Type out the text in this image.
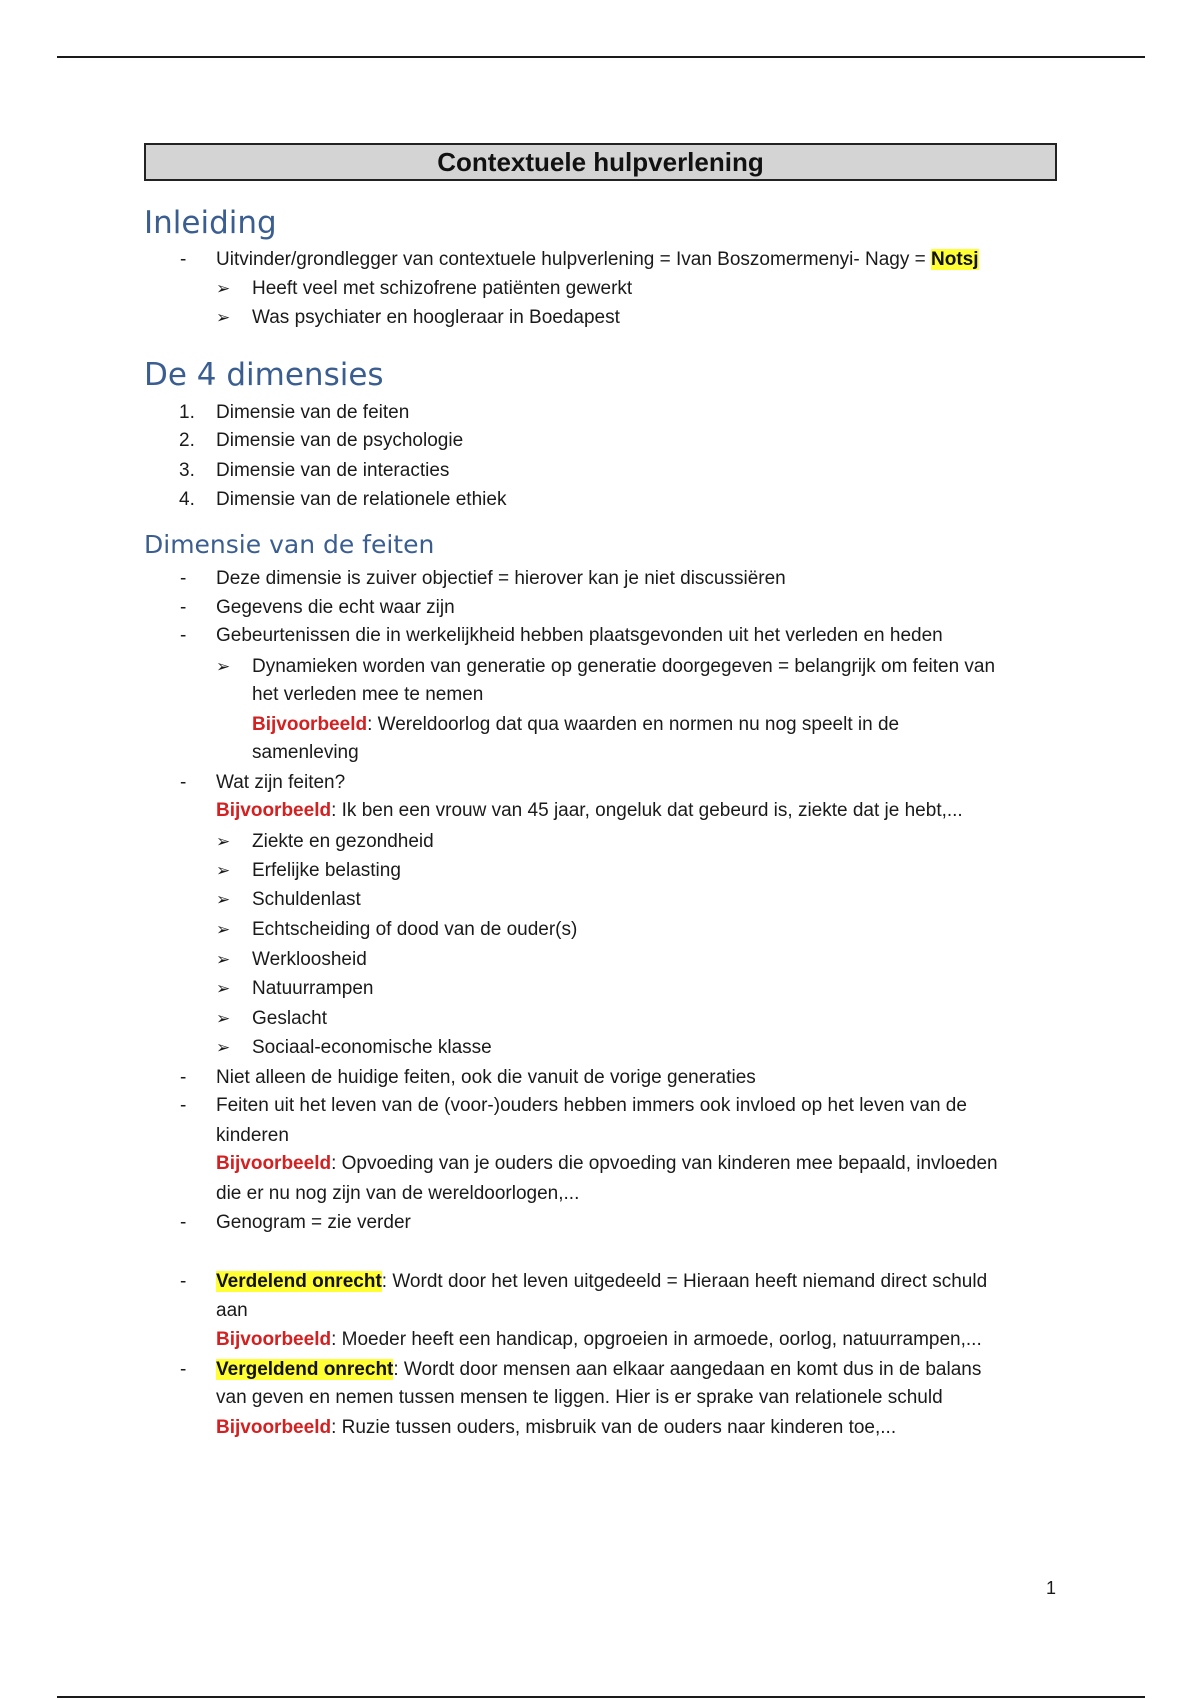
Contextuele hulpverlening
Inleiding
- Uitvinder/grondlegger van contextuele hulpverlening = Ivan Boszomermenyi- Nagy = Notsj
➢ Heeft veel met schizofrene patiënten gewerkt
➢ Was psychiater en hoogleraar in Boedapest
De 4 dimensies
1. Dimensie van de feiten
2. Dimensie van de psychologie
3. Dimensie van de interacties
4. Dimensie van de relationele ethiek
Dimensie van de feiten
- Deze dimensie is zuiver objectief = hierover kan je niet discussiëren
- Gegevens die echt waar zijn
- Gebeurtenissen die in werkelijkheid hebben plaatsgevonden uit het verleden en heden
➢ Dynamieken worden van generatie op generatie doorgegeven = belangrijk om feiten van
het verleden mee te nemen
Bijvoorbeeld: Wereldoorlog dat qua waarden en normen nu nog speelt in de
samenleving
- Wat zijn feiten?
Bijvoorbeeld: Ik ben een vrouw van 45 jaar, ongeluk dat gebeurd is, ziekte dat je hebt,...
➢ Ziekte en gezondheid
➢ Erfelijke belasting
➢ Schuldenlast
➢ Echtscheiding of dood van de ouder(s)
➢ Werkloosheid
➢ Natuurrampen
➢ Geslacht
➢ Sociaal-economische klasse
- Niet alleen de huidige feiten, ook die vanuit de vorige generaties
- Feiten uit het leven van de (voor-)ouders hebben immers ook invloed op het leven van de
kinderen
Bijvoorbeeld: Opvoeding van je ouders die opvoeding van kinderen mee bepaald, invloeden
die er nu nog zijn van de wereldoorlogen,...
- Genogram = zie verder
- Verdelend onrecht: Wordt door het leven uitgedeeld = Hieraan heeft niemand direct schuld
aan
Bijvoorbeeld: Moeder heeft een handicap, opgroeien in armoede, oorlog, natuurrampen,...
- Vergeldend onrecht: Wordt door mensen aan elkaar aangedaan en komt dus in de balans
van geven en nemen tussen mensen te liggen. Hier is er sprake van relationele schuld
Bijvoorbeeld: Ruzie tussen ouders, misbruik van de ouders naar kinderen toe,...
1
